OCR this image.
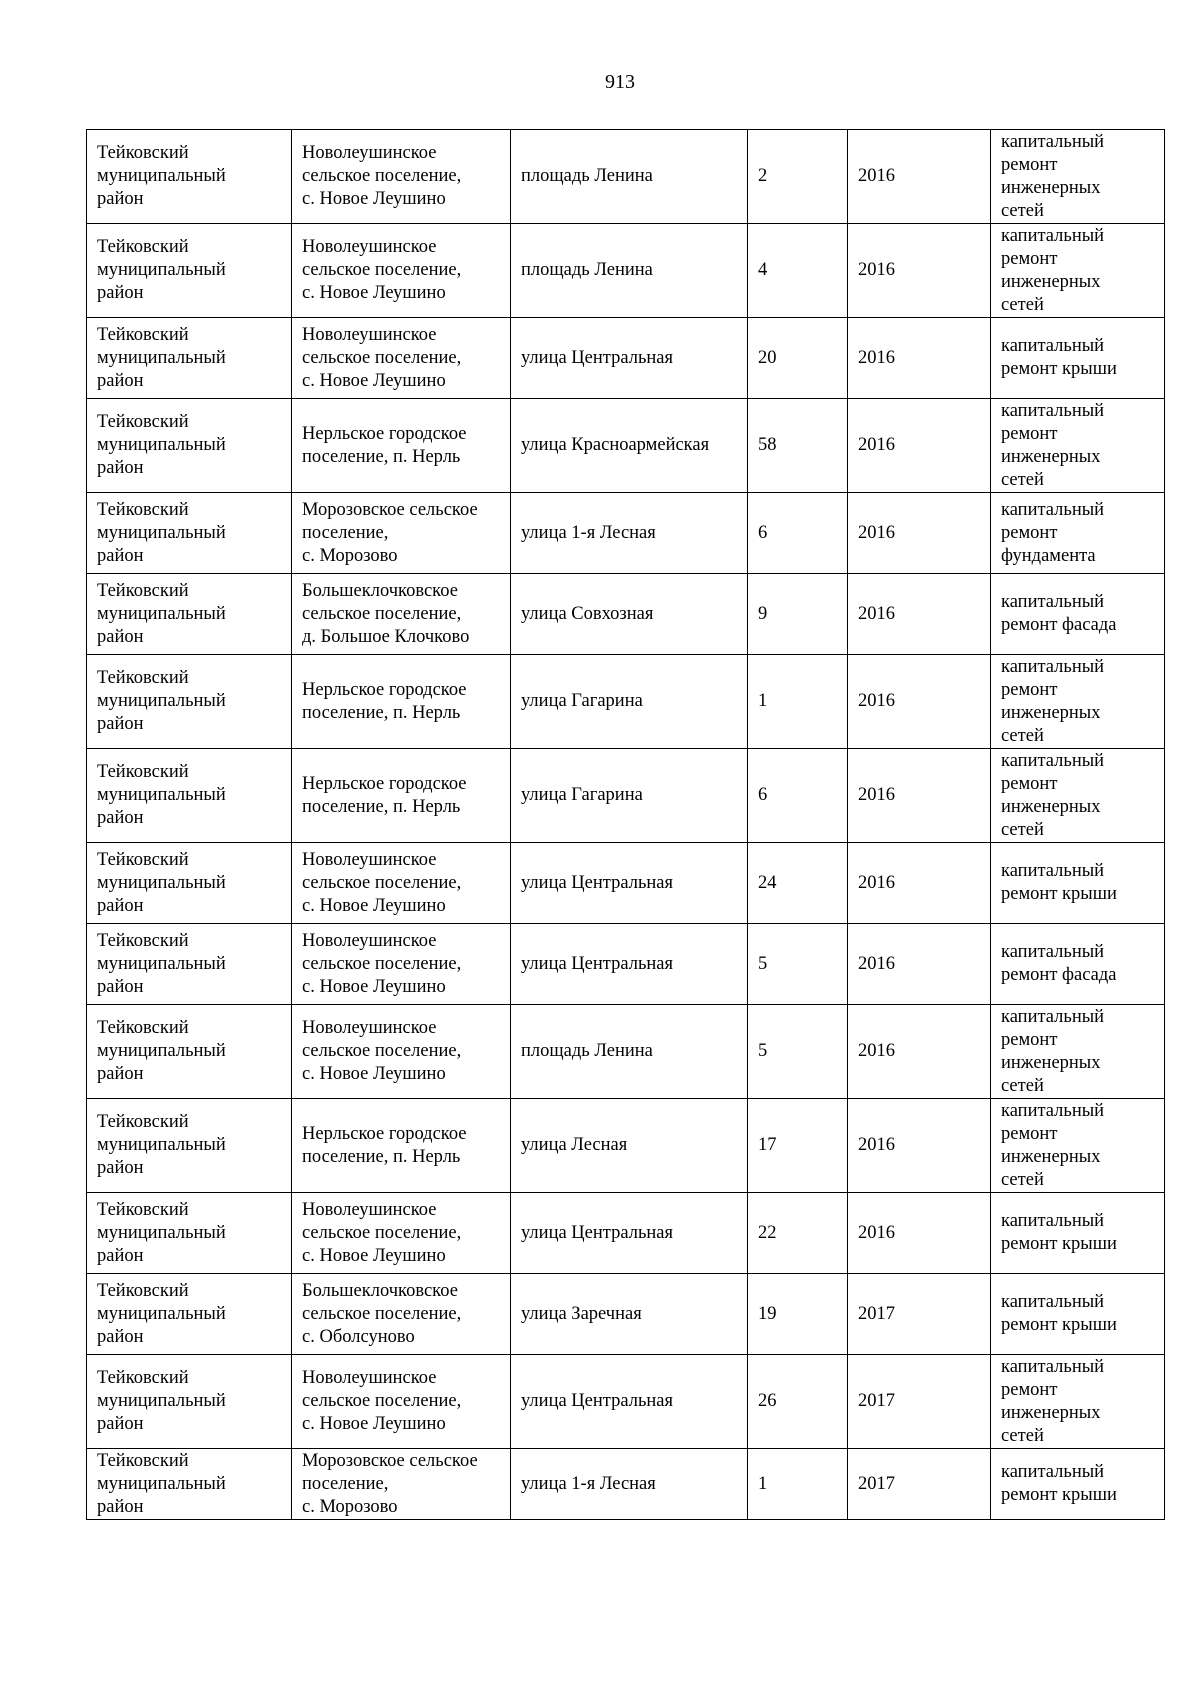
913
Тейковский
муниципальный
район	Новолеушинское
сельское поселение,
с. Новое Леушино	площадь Ленина	2	2016	капитальный
ремонт
инженерных
сетей
Тейковский
муниципальный
район	Новолеушинское
сельское поселение,
с. Новое Леушино	площадь Ленина	4	2016	капитальный
ремонт
инженерных
сетей
Тейковский
муниципальный
район	Новолеушинское
сельское поселение,
с. Новое Леушино	улица Центральная	20	2016	капитальный
ремонт крыши
Тейковский
муниципальный
район	Нерльское городское
поселение, п. Нерль	улица Красноармейская	58	2016	капитальный
ремонт
инженерных
сетей
Тейковский
муниципальный
район	Морозовское сельское
поселение,
с. Морозово	улица 1-я Лесная	6	2016	капитальный
ремонт
фундамента
Тейковский
муниципальный
район	Большеклочковское
сельское поселение,
д. Большое Клочково	улица Совхозная	9	2016	капитальный
ремонт фасада
Тейковский
муниципальный
район	Нерльское городское
поселение, п. Нерль	улица Гагарина	1	2016	капитальный
ремонт
инженерных
сетей
Тейковский
муниципальный
район	Нерльское городское
поселение, п. Нерль	улица Гагарина	6	2016	капитальный
ремонт
инженерных
сетей
Тейковский
муниципальный
район	Новолеушинское
сельское поселение,
с. Новое Леушино	улица Центральная	24	2016	капитальный
ремонт крыши
Тейковский
муниципальный
район	Новолеушинское
сельское поселение,
с. Новое Леушино	улица Центральная	5	2016	капитальный
ремонт фасада
Тейковский
муниципальный
район	Новолеушинское
сельское поселение,
с. Новое Леушино	площадь Ленина	5	2016	капитальный
ремонт
инженерных
сетей
Тейковский
муниципальный
район	Нерльское городское
поселение, п. Нерль	улица Лесная	17	2016	капитальный
ремонт
инженерных
сетей
Тейковский
муниципальный
район	Новолеушинское
сельское поселение,
с. Новое Леушино	улица Центральная	22	2016	капитальный
ремонт крыши
Тейковский
муниципальный
район	Большеклочковское
сельское поселение,
с. Оболсуново	улица Заречная	19	2017	капитальный
ремонт крыши
Тейковский
муниципальный
район	Новолеушинское
сельское поселение,
с. Новое Леушино	улица Центральная	26	2017	капитальный
ремонт
инженерных
сетей
Тейковский
муниципальный
район	Морозовское сельское
поселение,
с. Морозово	улица 1-я Лесная	1	2017	капитальный
ремонт крыши
